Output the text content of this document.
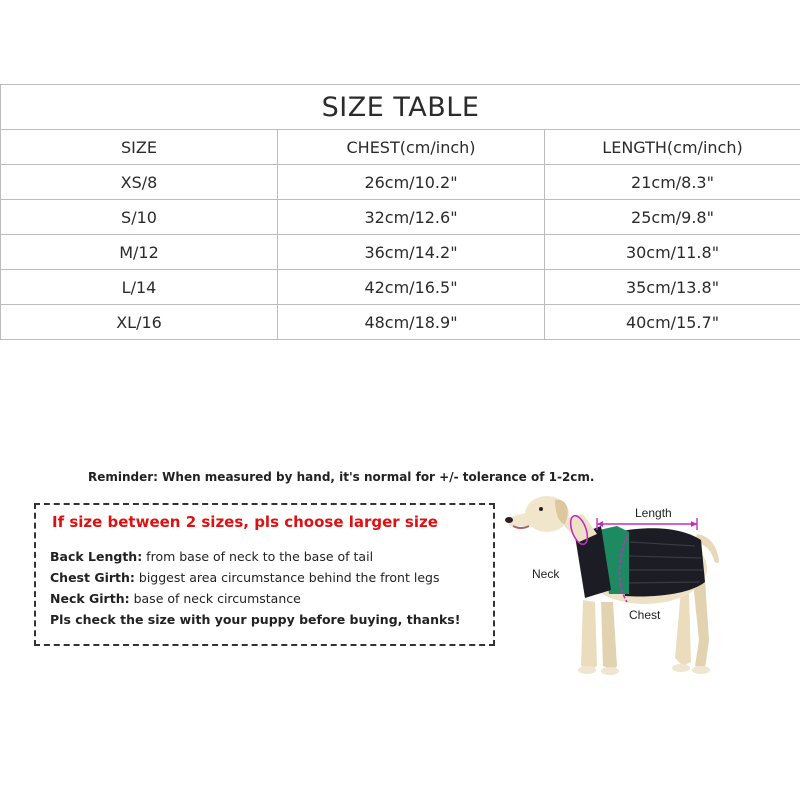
SIZE TABLE		
SIZE	CHEST(cm/inch)	LENGTH(cm/inch)
XS/8	26cm/10.2"	21cm/8.3"
S/10	32cm/12.6"	25cm/9.8"
M/12	36cm/14.2"	30cm/11.8"
L/14	42cm/16.5"	35cm/13.8"
XL/16	48cm/18.9"	40cm/15.7"
Reminder: When measured by hand, it's normal for +/- tolerance of 1-2cm.
If size between 2 sizes, pls choose larger size
Back Length: from base of neck to the base of tail
Chest Girth: biggest area circumstance behind the front legs
Neck Girth: base of neck circumstance
Pls check the size with your puppy before buying, thanks!
Length
Neck
Chest
